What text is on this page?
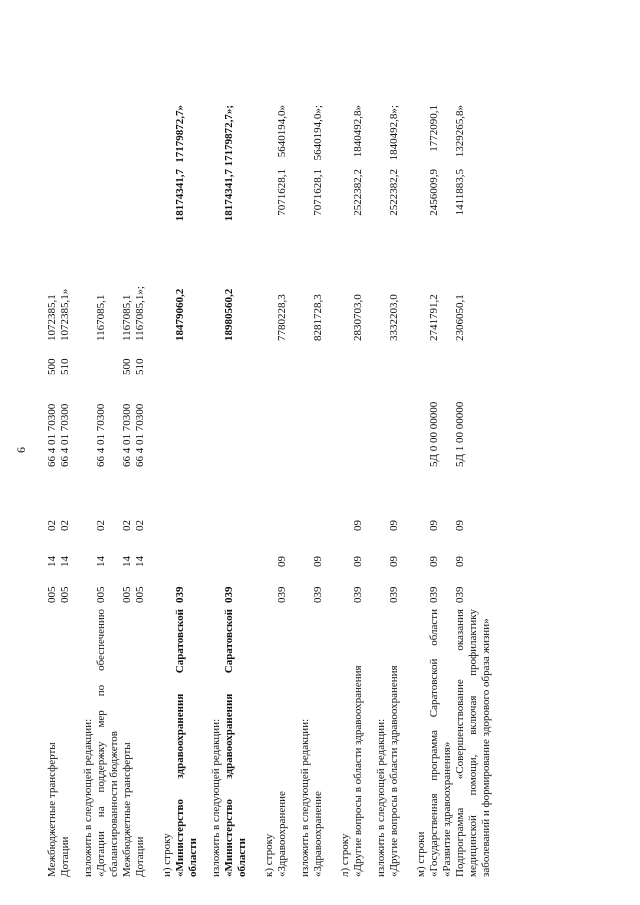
6
Межбюджетные трансферты	005	14	02	66 4 01 70300	500	1072385,1		
Дотации	005	14	02	66 4 01 70300	510	1072385,1»		

изложить в следующей редакции:								
«Дотации на поддержку мер по обеспечению сбалансированности бюджетов	005	14	02	66 4 01 70300		1167085,1		
Межбюджетные трансферты	005	14	02	66 4 01 70300	500	1167085,1		
Дотации	005	14	02	66 4 01 70300	510	1167085,1»;		

и) строку								
«Министерство здравоохранения Саратовской области	039					18479060,2	18174341,7	17179872,7»

изложить в следующей редакции:								
«Министерство здравоохранения Саратовской области	039					18980560,2	18174341,7	17179872,7»;

к) строку								
«Здравоохранение	039	09				7780228,3	7071628,1	5640194,0»

изложить в следующей редакции:								
«Здравоохранение	039	09				8281728,3	7071628,1	5640194,0»;

л) строку								
«Другие вопросы в области здравоохранения	039	09	09			2830703,0	2522382,2	1840492,8»

изложить в следующей редакции:								
«Другие вопросы в области здравоохранения	039	09	09			3332203,0	2522382,2	1840492,8»;

м) строки								
«Государственная программа Саратовской области «Развитие здравоохранения»	039	09	09	5Д 0 00 00000		2741791,2	2456009,9	1772090,1
Подпрограмма «Совершенствование оказания медицинской помощи, включая профилактику заболеваний и формирование здорового образа жизни»	039	09	09	5Д 1 00 00000		2306050,1	1411883,5	1329265,8»
